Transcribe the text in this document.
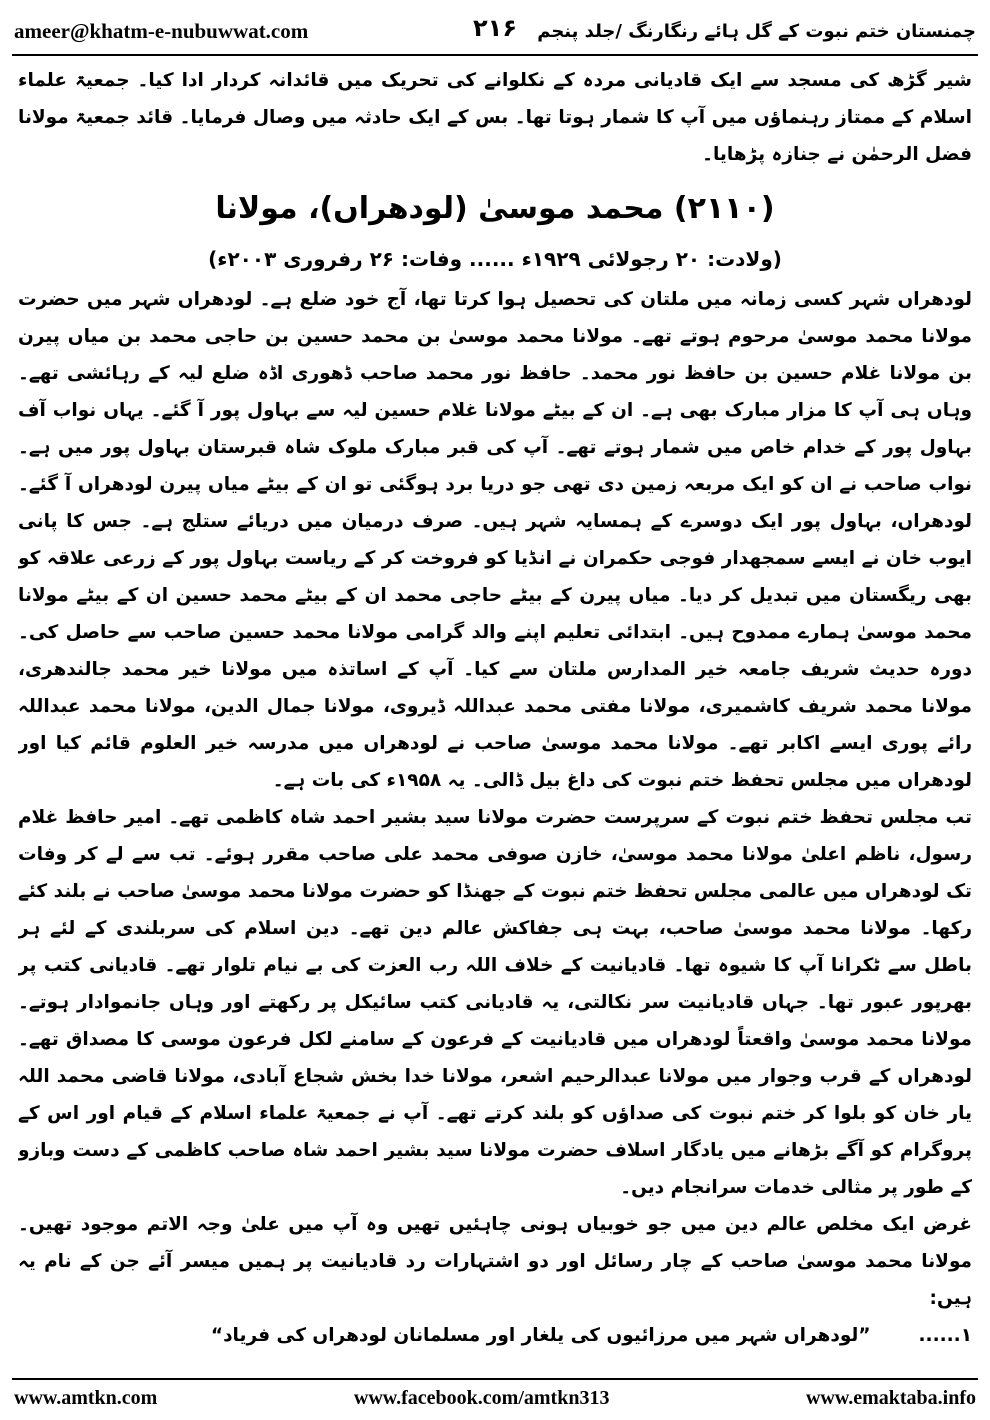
ameer@khatm-e-nubuwwat.com	۲۱۶ چمنستان ختم نبوت کے گل ہائے رنگارنگ /جلد پنجم

شیر گڑھ کی مسجد سے ایک قادیانی مردہ کے نکلوانے کی تحریک میں قائدانہ کردار ادا کیا۔ جمعیۃ علماء اسلام کے ممتاز رہنماؤں میں آپ کا شمار ہوتا تھا۔ بس کے ایک حادثہ میں وصال فرمایا۔ قائد جمعیۃ مولانا فضل الرحمٰن نے جنازہ پڑھایا۔

(۲۱۱۰) محمد موسیٰ (لودھراں)، مولانا
(ولادت: ۲۰ رجولائی ۱۹۲۹ء ...... وفات: ۲۶ رفروری ۲۰۰۳ء)

لودھراں شہر کسی زمانہ میں ملتان کی تحصیل ہوا کرتا تھا، آج خود ضلع ہے۔ لودھراں شہر میں حضرت مولانا محمد موسیٰ مرحوم ہوتے تھے۔ مولانا محمد موسیٰ بن محمد حسین بن حاجی محمد بن میاں پیرن بن مولانا غلام حسین بن حافظ نور محمد۔ حافظ نور محمد صاحب ڈھوری اڈہ ضلع لیہ کے رہائشی تھے۔ وہاں ہی آپ کا مزار مبارک بھی ہے۔ ان کے بیٹے مولانا غلام حسین لیہ سے بہاول پور آ گئے۔ یہاں نواب آف بہاول پور کے خدام خاص میں شمار ہوتے تھے۔ آپ کی قبر مبارک ملوک شاہ قبرستان بہاول پور میں ہے۔ نواب صاحب نے ان کو ایک مربعہ زمین دی تھی جو دریا برد ہوگئی تو ان کے بیٹے میاں پیرن لودھراں آ گئے۔ لودھراں، بہاول پور ایک دوسرے کے ہمسایہ شہر ہیں۔ صرف درمیان میں دریائے ستلج ہے۔ جس کا پانی ایوب خان نے ایسے سمجھدار فوجی حکمران نے انڈیا کو فروخت کر کے ریاست بہاول پور کے زرعی علاقہ کو بھی ریگستان میں تبدیل کر دیا۔ میاں پیرن کے بیٹے حاجی محمد ان کے بیٹے محمد حسین ان کے بیٹے مولانا محمد موسیٰ ہمارے ممدوح ہیں۔ ابتدائی تعلیم اپنے والد گرامی مولانا محمد حسین صاحب سے حاصل کی۔ دورہ حدیث شریف جامعہ خیر المدارس ملتان سے کیا۔ آپ کے اساتذہ میں مولانا خیر محمد جالندھری، مولانا محمد شریف کاشمیری، مولانا مفتی محمد عبداللہ ڈیروی، مولانا جمال الدین، مولانا محمد عبداللہ رائے پوری ایسے اکابر تھے۔ مولانا محمد موسیٰ صاحب نے لودھراں میں مدرسہ خیر العلوم قائم کیا اور لودھراں میں مجلس تحفظ ختم نبوت کی داغ بیل ڈالی۔ یہ ۱۹۵۸ء کی بات ہے۔

تب مجلس تحفظ ختم نبوت کے سرپرست حضرت مولانا سید بشیر احمد شاہ کاظمی تھے۔ امیر حافظ غلام رسول، ناظم اعلیٰ مولانا محمد موسیٰ، خازن صوفی محمد علی صاحب مقرر ہوئے۔ تب سے لے کر وفات تک لودھراں میں عالمی مجلس تحفظ ختم نبوت کے جھنڈا کو حضرت مولانا محمد موسیٰ صاحب نے بلند کئے رکھا۔ مولانا محمد موسیٰ صاحب، بہت ہی جفاکش عالم دین تھے۔ دین اسلام کی سربلندی کے لئے ہر باطل سے ٹکرانا آپ کا شیوہ تھا۔ قادیانیت کے خلاف اللہ رب العزت کی بے نیام تلوار تھے۔ قادیانی کتب پر بھرپور عبور تھا۔ جہاں قادیانیت سر نکالتی، یہ قادیانی کتب سائیکل پر رکھتے اور وہاں جانموادار ہوتے۔ مولانا محمد موسیٰ واقعتاً لودھراں میں قادیانیت کے فرعون کے سامنے لکل فرعون موسی کا مصداق تھے۔ لودھراں کے قرب وجوار میں مولانا عبدالرحیم اشعر، مولانا خدا بخش شجاع آبادی، مولانا قاضی محمد اللہ یار خان کو بلوا کر ختم نبوت کی صداؤں کو بلند کرتے تھے۔ آپ نے جمعیۃ علماء اسلام کے قیام اور اس کے پروگرام کو آگے بڑھانے میں یادگار اسلاف حضرت مولانا سید بشیر احمد شاہ صاحب کاظمی کے دست وبازو کے طور پر مثالی خدمات سرانجام دیں۔

غرض ایک مخلص عالم دین میں جو خوبیاں ہونی چاہئیں تھیں وہ آپ میں علیٰ وجہ الاتم موجود تھیں۔ مولانا محمد موسیٰ صاحب کے چار رسائل اور دو اشتہارات رد قادیانیت پر ہمیں میسر آئے جن کے نام یہ ہیں:

۱......
”لودھراں شہر میں مرزائیوں کی یلغار اور مسلمانان لودھراں کی فریاد“
www.amtkn.com	www.facebook.com/amtkn313	www.emaktaba.info
